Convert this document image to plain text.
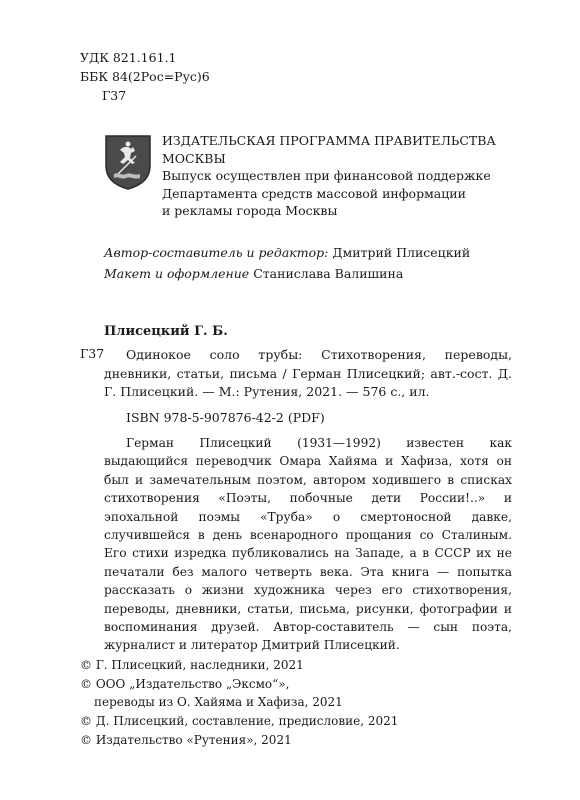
УДК 821.161.1
ББК 84(2Рос=Рус)6
Г37
ИЗДАТЕЛЬСКАЯ ПРОГРАММА ПРАВИТЕЛЬСТВА МОСКВЫ
Выпуск осуществлен при финансовой поддержке
Департамента средств массовой информации
и рекламы города Москвы
Автор-составитель и редактор: Дмитрий Плисецкий
Макет и оформление Станислава Валишина
Плисецкий Г. Б.
Г37	Одинокое соло трубы: Стихотворения, переводы, дневники, статьи, письма / Герман Плисецкий; авт.-сост. Д. Г. Плисецкий. — М.: Рутения, 2021. — 576 с., ил.
ISBN 978-5-907876-42-2 (PDF)

Герман Плисецкий (1931—1992) известен как выдающийся переводчик Омара Хайяма и Хафиза, хотя он был и замечательным поэтом, автором ходившего в списках стихотворения «Поэты, побочные дети России!..» и эпохальной поэмы «Труба» о смертоносной давке, случившейся в день всенародного прощания со Сталиным. Его стихи изредка публиковались на Западе, а в СССР их не печатали без малого четверть века. Эта книга — попытка рассказать о жизни художника через его стихотворения, переводы, дневники, статьи, письма, рисунки, фотографии и воспоминания друзей. Автор-составитель — сын поэта, журналист и литератор Дмитрий Плисецкий.

© Г. Плисецкий, наследники, 2021
© ООО „Издательство „Эксмо“»,
переводы из О. Хайяма и Хафиза, 2021
© Д. Плисецкий, составление, предисловие, 2021
© Издательство «Рутения», 2021
